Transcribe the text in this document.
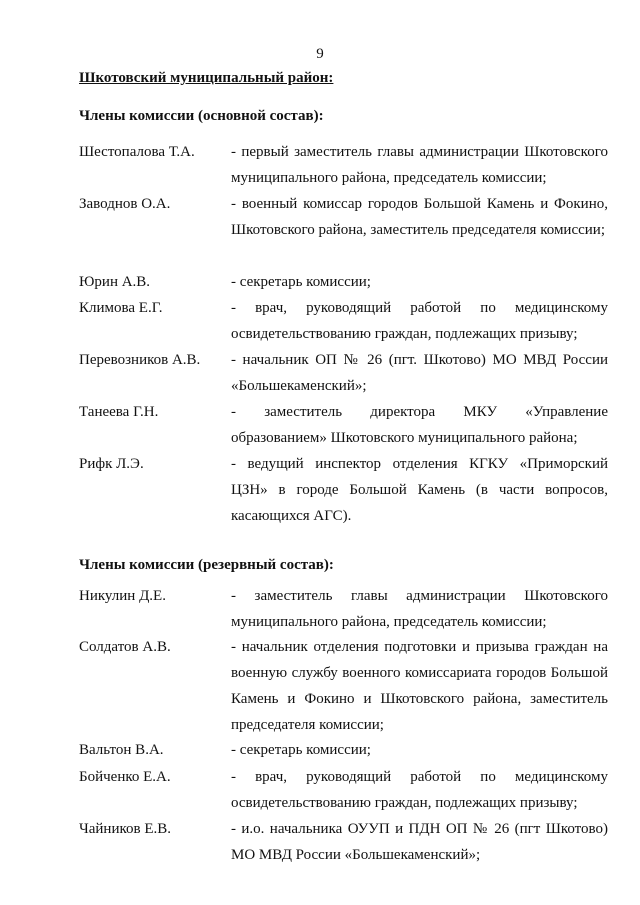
9
Шкотовский муниципальный район:
Члены комиссии (основной состав):
Шестопалова Т.А.	- первый заместитель главы администрации Шкотовского муниципального района, председатель комиссии;
Заводнов О.А.	- военный комиссар городов Большой Камень и Фокино, Шкотовского района, заместитель председателя комиссии;
Юрин А.В.	- секретарь комиссии;
Климова Е.Г.	- врач, руководящий работой по медицинскому освидетельствованию граждан, подлежащих призыву;
Перевозников А.В.	- начальник ОП № 26 (пгт. Шкотово) МО МВД России «Большекаменский»;
Танеева Г.Н.	- заместитель директора МКУ «Управление образованием» Шкотовского муниципального района;
Рифк Л.Э.	- ведущий инспектор отделения КГКУ «Приморский ЦЗН» в городе Большой Камень (в части вопросов, касающихся АГС).
Члены комиссии (резервный состав):
Никулин Д.Е.	- заместитель главы администрации Шкотовского муниципального района, председатель комиссии;
Солдатов А.В.	- начальник отделения подготовки и призыва граждан на военную службу военного комиссариата городов Большой Камень и Фокино и Шкотовского района, заместитель председателя комиссии;
Вальтон В.А.	- секретарь комиссии;
Бойченко Е.А.	- врач, руководящий работой по медицинскому освидетельствованию граждан, подлежащих призыву;
Чайников Е.В.	- и.о. начальника ОУУП и ПДН ОП № 26 (пгт Шкотово) МО МВД России «Большекаменский»;
